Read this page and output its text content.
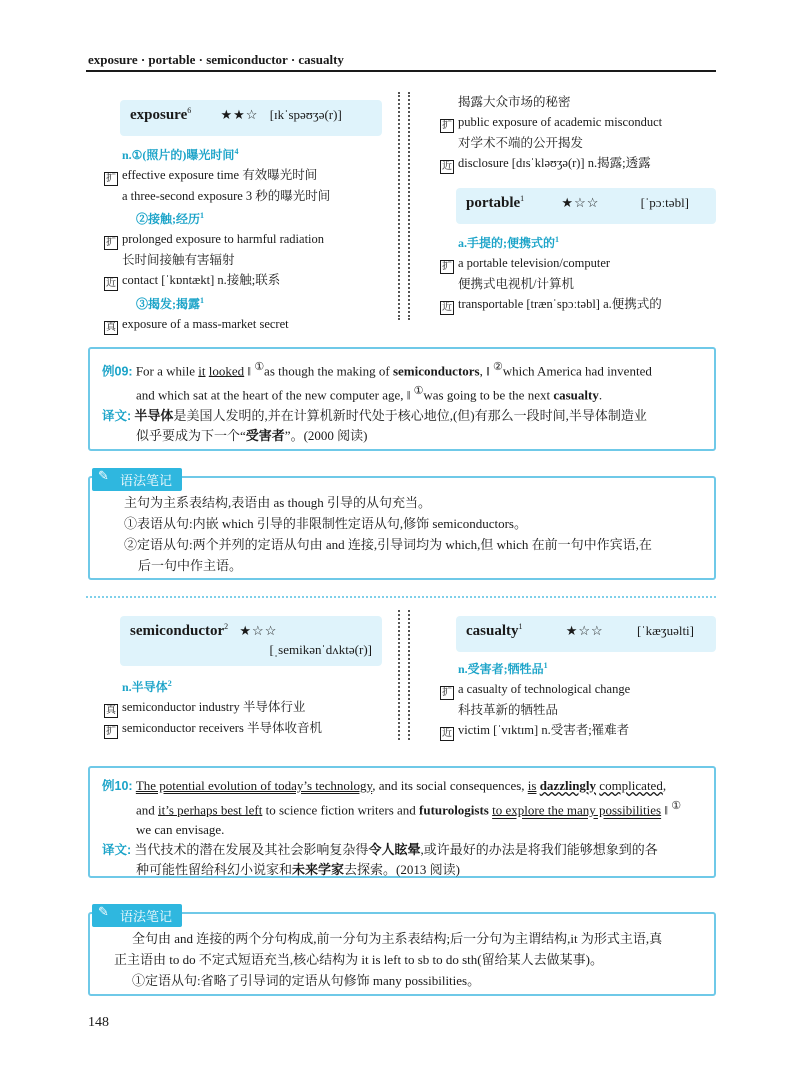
exposure · portable · semiconductor · casualty
exposure$^6$ ★★☆ [ɪkˈspəʊʒə(r)]
n.①(照片的)曝光时间$^4$
扩 effective exposure time 有效曝光时间
a three-second exposure 3 秒的曝光时间
②接触;经历$^1$
扩 prolonged exposure to harmful radiation
长时间接触有害辐射
近 contact [ˈkɒntækt] n.接触;联系
③揭发;揭露$^1$
真 exposure of a mass-market secret
揭露大众市场的秘密
扩 public exposure of academic misconduct
对学术不端的公开揭发
近 disclosure [dɪsˈkləʊʒə(r)] n.揭露;透露
portable$^1$	★☆☆	[ˈpɔːtəbl]
a.手提的;便携式的$^1$
扩 a portable television/computer
便携式电视机/计算机
近 transportable [trænˈspɔːtəbl] a.便携式的
例09: For a while it looked ‖ ①as though the making of semiconductors, ‖ ②which America had invented
and which sat at the heart of the new computer age, ‖ ①was going to be the next casualty.
译文: 半导体是美国人发明的,并在计算机新时代处于核心地位,(但)有那么一段时间,半导体制造业
似乎要成为下一个“受害者”。(2000 阅读)
主句为主系表结构,表语由 as though 引导的从句充当。
①表语从句:内嵌 which 引导的非限制性定语从句,修饰 semiconductors。
②定语从句:两个并列的定语从句由 and 连接,引导词均为 which,但 which 在前一句中作宾语,在
后一句中作主语。
✎ 语法笔记
semiconductor$^2$ ★☆☆
[ˌsemikənˈdʌktə(r)]
n.半导体$^2$
真 semiconductor industry 半导体行业
扩 semiconductor receivers 半导体收音机
casualty$^1$	★☆☆	[ˈkæʒuəlti]
n.受害者;牺牲品$^1$
扩 a casualty of technological change
科技革新的牺牲品
近 victim [ˈvɪktɪm] n.受害者;罹难者
例10: The potential evolution of today’s technology, and its social consequences, is dazzlingly complicated,
and it’s perhaps best left to science fiction writers and futurologists to explore the many possibilities ‖ ①
we can envisage.
译文: 当代技术的潜在发展及其社会影响复杂得令人眩晕,或许最好的办法是将我们能够想象到的各
种可能性留给科幻小说家和未来学家去探索。(2013 阅读)
全句由 and 连接的两个分句构成,前一分句为主系表结构;后一分句为主谓结构,it 为形式主语,真
正主语由 to do 不定式短语充当,核心结构为 it is left to sb to do sth(留给某人去做某事)。
①定语从句:省略了引导词的定语从句修饰 many possibilities。
✎ 语法笔记
148
